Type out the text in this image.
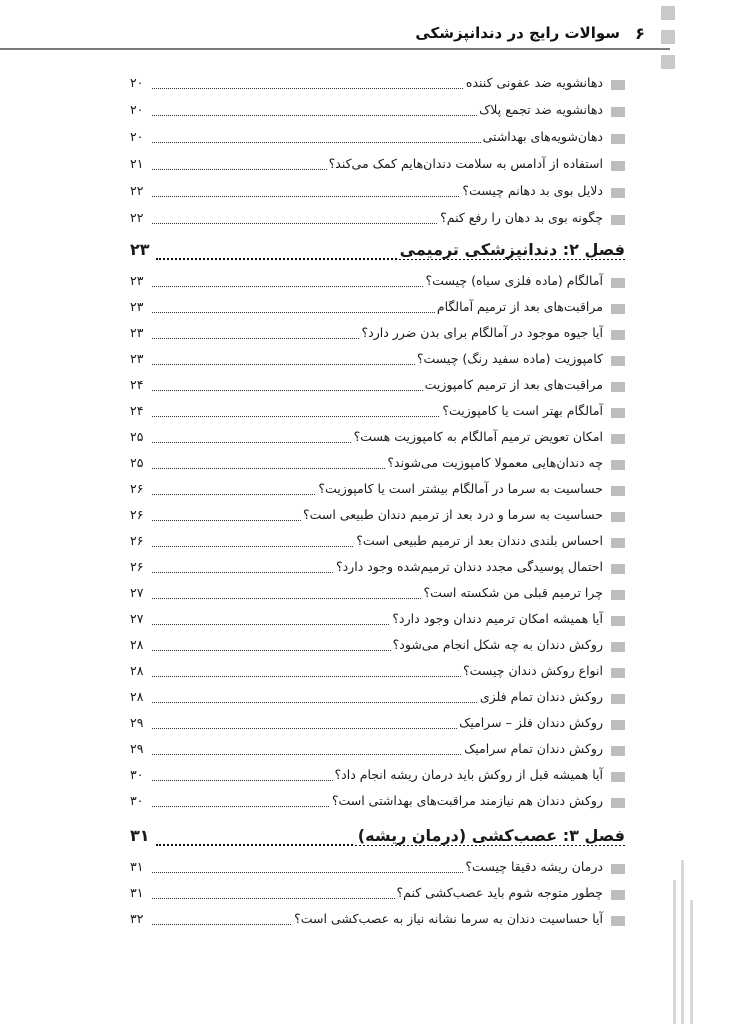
۶
سوالات رایج در دندانپزشکی
دهانشویه ضد عفونی کننده
۲۰
دهانشویه ضد تجمع پلاک
۲۰
دهان‌شویه‌های بهداشتی
۲۰
استفاده از آدامس به سلامت دندان‌هایم کمک می‌کند؟
۲۱
دلایل بوی بد دهانم چیست؟
۲۲
چگونه بوی بد دهان را رفع کنم؟
۲۲
فصل ۲: دندانپزشکی ترمیمی
۲۳
آمالگام (ماده فلزی سیاه) چیست؟
۲۳
مراقبت‌های بعد از ترمیم آمالگام
۲۳
آیا جیوه موجود در آمالگام برای بدن ضرر دارد؟
۲۳
کامپوزیت (ماده سفید رنگ) چیست؟
۲۳
مراقبت‌های بعد از ترمیم کامپوزیت
۲۴
آمالگام بهتر است یا کامپوزیت؟
۲۴
امکان تعویض ترمیم آمالگام به کامپوزیت هست؟
۲۵
چه دندان‌هایی معمولا کامپوزیت می‌شوند؟
۲۵
حساسیت به سرما در آمالگام بیشتر است یا کامپوزیت؟
۲۶
حساسیت به سرما و درد بعد از ترمیم دندان طبیعی است؟
۲۶
احساس بلندی دندان بعد از ترمیم طبیعی است؟
۲۶
احتمال پوسیدگی مجدد دندان ترمیم‌شده وجود دارد؟
۲۶
چرا ترمیم قبلی من شکسته است؟
۲۷
آیا همیشه امکان ترمیم دندان وجود دارد؟
۲۷
روکش دندان به چه شکل انجام می‌شود؟
۲۸
انواع روکش دندان چیست؟
۲۸
روکش دندان تمام فلزی
۲۸
روکش دندان فلز – سرامیک
۲۹
روکش دندان تمام سرامیک
۲۹
آیا همیشه قبل از روکش باید درمان ریشه انجام داد؟
۳۰
روکش دندان هم نیازمند مراقبت‌های بهداشتی است؟
۳۰
فصل ۳: عصب‌کشی (درمان ریشه)
۳۱
درمان ریشه دقیقا چیست؟
۳۱
چطور متوجه شوم باید عصب‌کشی کنم؟
۳۱
آیا حساسیت دندان به سرما نشانه نیاز به عصب‌کشی است؟
۳۲
